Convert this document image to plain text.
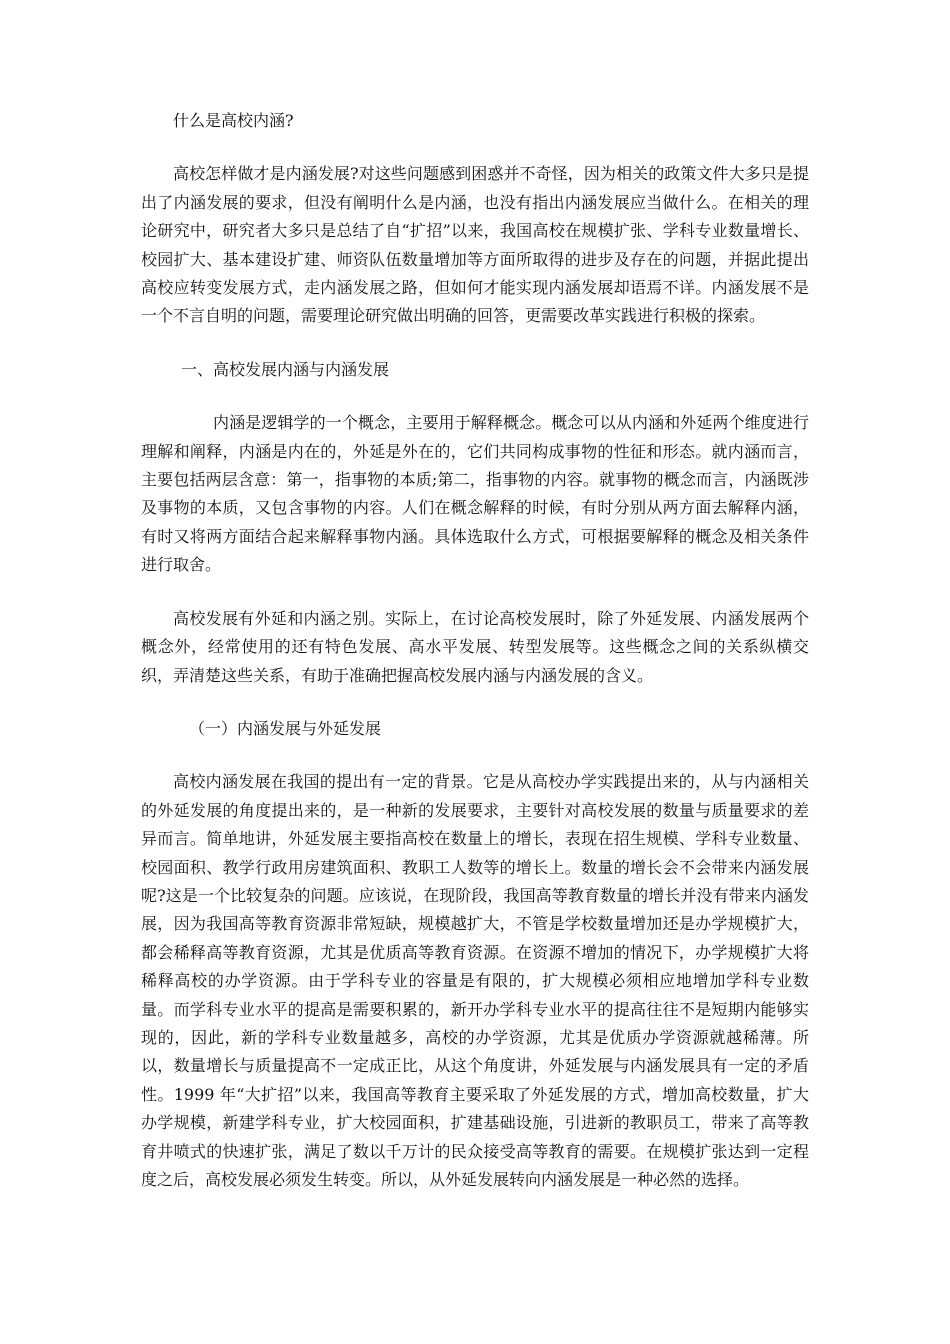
什么是高校内涵?

高校怎样做才是内涵发展?对这些问题感到困惑并不奇怪，因为相关的政策文件大多只是提出了内涵发展的要求，但没有阐明什么是内涵，也没有指出内涵发展应当做什么。在相关的理论研究中，研究者大多只是总结了自“扩招”以来，我国高校在规模扩张、学科专业数量增长、校园扩大、基本建设扩建、师资队伍数量增加等方面所取得的进步及存在的问题，并据此提出高校应转变发展方式，走内涵发展之路，但如何才能实现内涵发展却语焉不详。内涵发展不是一个不言自明的问题，需要理论研究做出明确的回答，更需要改革实践进行积极的探索。

一、高校发展内涵与内涵发展

内涵是逻辑学的一个概念，主要用于解释概念。概念可以从内涵和外延两个维度进行理解和阐释，内涵是内在的，外延是外在的，它们共同构成事物的性征和形态。就内涵而言，主要包括两层含意：第一，指事物的本质;第二，指事物的内容。就事物的概念而言，内涵既涉及事物的本质，又包含事物的内容。人们在概念解释的时候，有时分别从两方面去解释内涵，有时又将两方面结合起来解释事物内涵。具体选取什么方式，可根据要解释的概念及相关条件进行取舍。

高校发展有外延和内涵之别。实际上，在讨论高校发展时，除了外延发展、内涵发展两个概念外，经常使用的还有特色发展、高水平发展、转型发展等。这些概念之间的关系纵横交织，弄清楚这些关系，有助于准确把握高校发展内涵与内涵发展的含义。

（一）内涵发展与外延发展

高校内涵发展在我国的提出有一定的背景。它是从高校办学实践提出来的，从与内涵相关的外延发展的角度提出来的，是一种新的发展要求，主要针对高校发展的数量与质量要求的差异而言。简单地讲，外延发展主要指高校在数量上的增长，表现在招生规模、学科专业数量、校园面积、教学行政用房建筑面积、教职工人数等的增长上。数量的增长会不会带来内涵发展呢?这是一个比较复杂的问题。应该说，在现阶段，我国高等教育数量的增长并没有带来内涵发展，因为我国高等教育资源非常短缺，规模越扩大，不管是学校数量增加还是办学规模扩大，都会稀释高等教育资源，尤其是优质高等教育资源。在资源不增加的情况下，办学规模扩大将稀释高校的办学资源。由于学科专业的容量是有限的，扩大规模必须相应地增加学科专业数量。而学科专业水平的提高是需要积累的，新开办学科专业水平的提高往往不是短期内能够实现的，因此，新的学科专业数量越多，高校的办学资源，尤其是优质办学资源就越稀薄。所以，数量增长与质量提高不一定成正比，从这个角度讲，外延发展与内涵发展具有一定的矛盾性。1999 年“大扩招”以来，我国高等教育主要采取了外延发展的方式，增加高校数量，扩大办学规模，新建学科专业，扩大校园面积，扩建基础设施，引进新的教职员工，带来了高等教育井喷式的快速扩张，满足了数以千万计的民众接受高等教育的需要。在规模扩张达到一定程度之后，高校发展必须发生转变。所以，从外延发展转向内涵发展是一种必然的选择。
